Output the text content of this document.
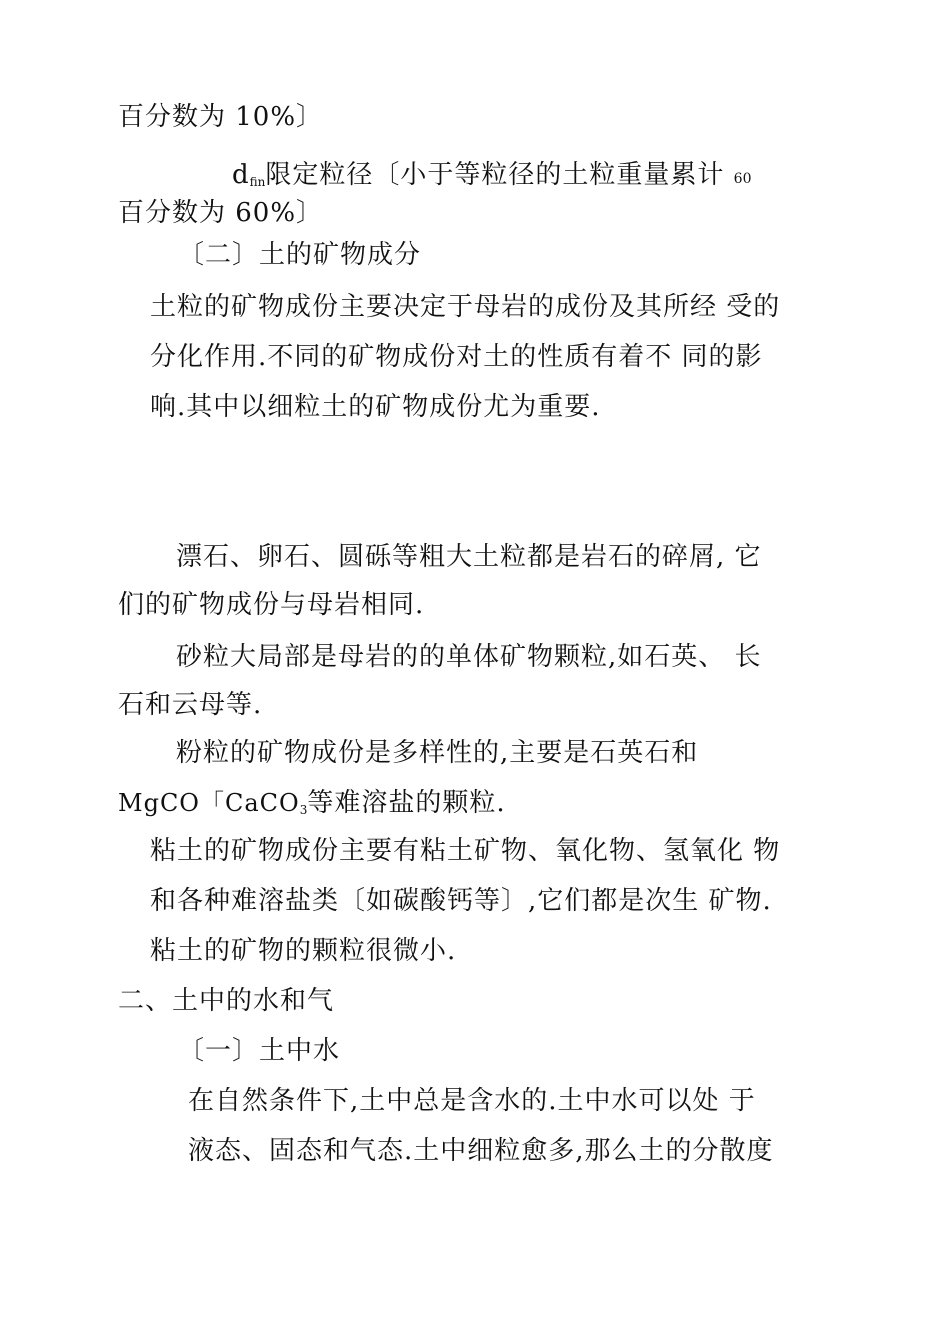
百分数为 10%〕
$d_{fin}$限定粒径〔小于等粒径的土粒重量累计 60
百分数为 60%〕
〔二〕土的矿物成分
土粒的矿物成份主要决定于母岩的成份及其所经 受的
分化作用.不同的矿物成份对土的性质有着不 同的影
响.其中以细粒土的矿物成份尤为重要.
漂石、卵石、圆砾等粗大土粒都是岩石的碎屑, 它
们的矿物成份与母岩相同.
砂粒大局部是母岩的的单体矿物颗粒,如石英、 长
石和云母等.
粉粒的矿物成份是多样性的,主要是石英石和
MgCO「CaCO$_3$等难溶盐的颗粒.
粘土的矿物成份主要有粘土矿物、氧化物、氢氧化 物
和各种难溶盐类〔如碳酸钙等〕,它们都是次生 矿物.
粘土的矿物的颗粒很微小.
二、土中的水和气
〔一〕土中水
在自然条件下,土中总是含水的.土中水可以处 于
液态、固态和气态.土中细粒愈多,那么土的分散度
